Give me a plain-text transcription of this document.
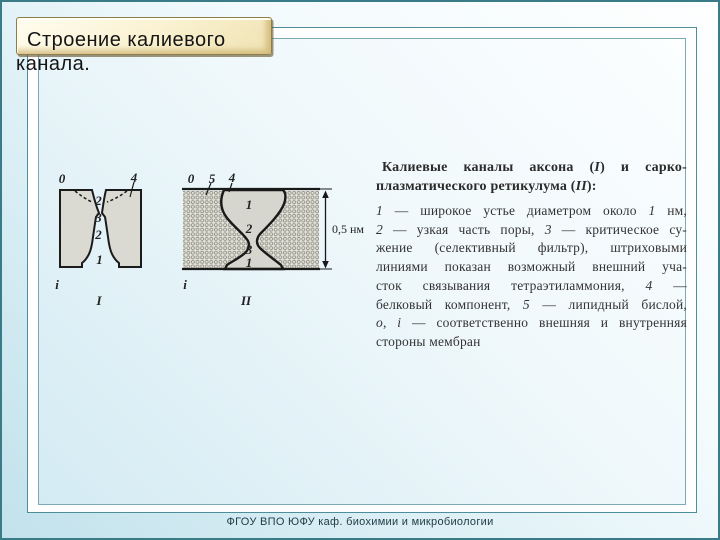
Строение калиевого
канала.
0	4
2
3
2
1
i
I
0 5 4
1
2
3
1
i
II
0,5 нм
Калиевые каналы аксона (I) и сарко-
плазматического ретикулума (II):
1 — широкое устье диаметром около 1 нм,
2 — узкая часть поры, 3 — критическое су-
жение (селективный фильтр), штриховыми
линиями показан возможный внешний уча-
сток связывания тетраэтиламмония, 4 —
белковый компонент, 5 — липидный бислой,
o, i — соответственно внешняя и внутренняя
стороны мембран
ФГОУ ВПО ЮФУ каф. биохимии и микробиологии
